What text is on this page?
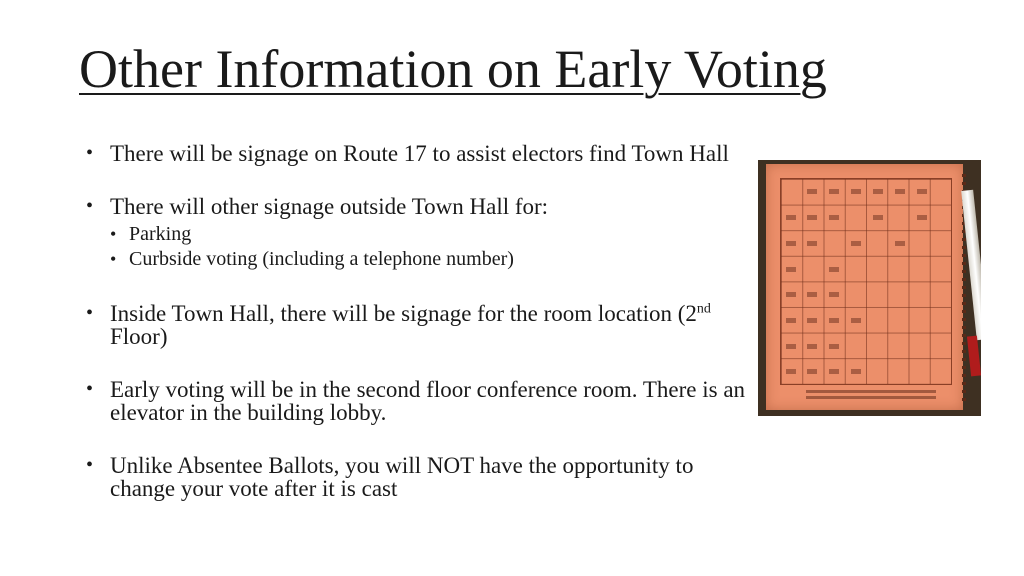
Other Information on Early Voting
• There will be signage on Route 17 to assist electors find Town Hall
• There will other signage outside Town Hall for:
• Parking
• Curbside voting (including a telephone number)
• Inside Town Hall, there will be signage for the room location (2nd Floor)
• Early voting will be in the second floor conference room. There is an elevator in the building lobby.
• Unlike Absentee Ballots, you will NOT have the opportunity to change your vote after it is cast
